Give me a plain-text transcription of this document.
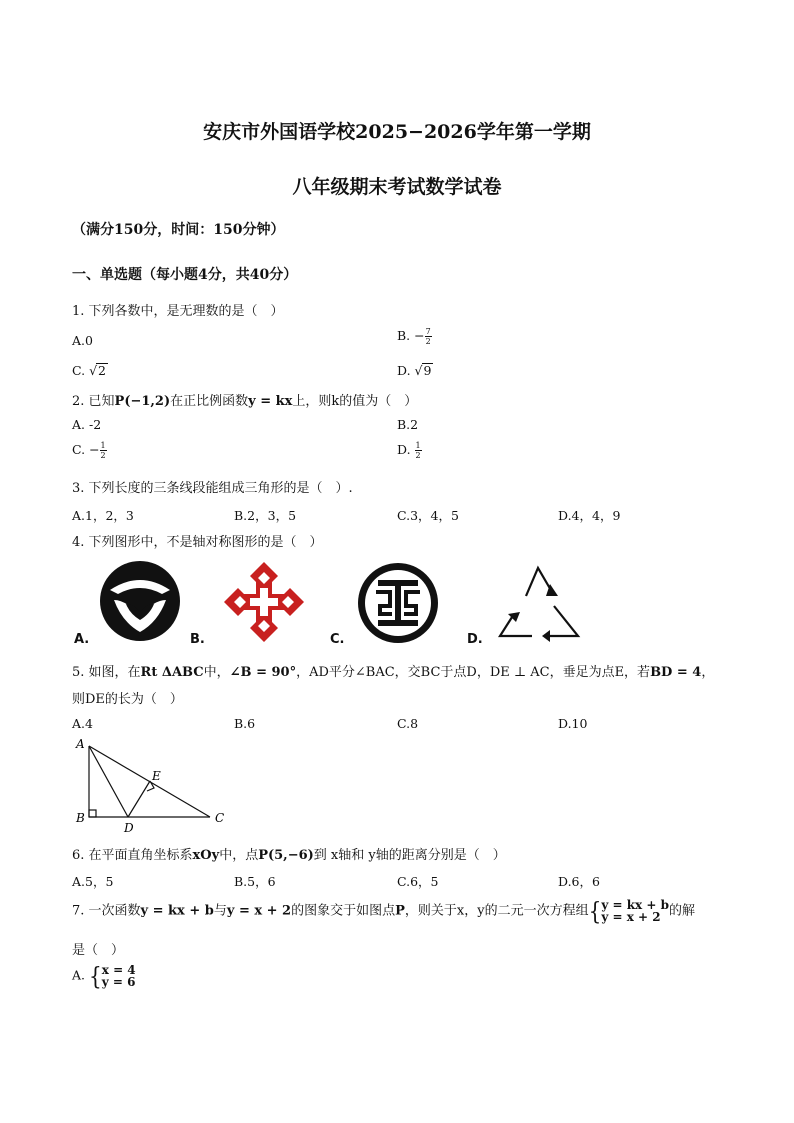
安庆市外国语学校2025−2026学年第一学期
八年级期末考试数学试卷
（满分150分，时间：150分钟）
一、单选题（每小题4分，共40分）
1. 下列各数中，是无理数的是（　）
A.0	B. − $\frac{7}{2}$
C. √2	D. √9
2. 已知P(−1,2)在正比例函数y = kx上，则k的值为（　）
A. -2	B.2
C. − $\frac{1}{2}$	D. $\frac{1}{2}$
3. 下列长度的三条线段能组成三角形的是（　）.
A.1，2，3	B.2，3，5	C.3，4，5	D.4，4，9
4. 下列图形中，不是轴对称图形的是（　）
A.	B.	C.	D.
5. 如图，在Rt ΔABC中，∠B = 90°，AD平分∠BAC，交BC于点D，DE ⊥ AC，垂足为点E，若BD = 4，
则DE的长为（　）
A.4	B.6	C.8	D.10
A
B
D
E
C
6. 在平面直角坐标系xOy中，点P(5,−6)到 x轴和 y轴的距离分别是（　）
A.5，5	B.5，6	C.6，5	D.6，6
7. 一次函数y = kx + b与y = x + 2的图象交于如图点P，则关于x，y的二元一次方程组{y = kx + b
y = x + 2 的解
是（　）
A. {x = 4
y = 6
